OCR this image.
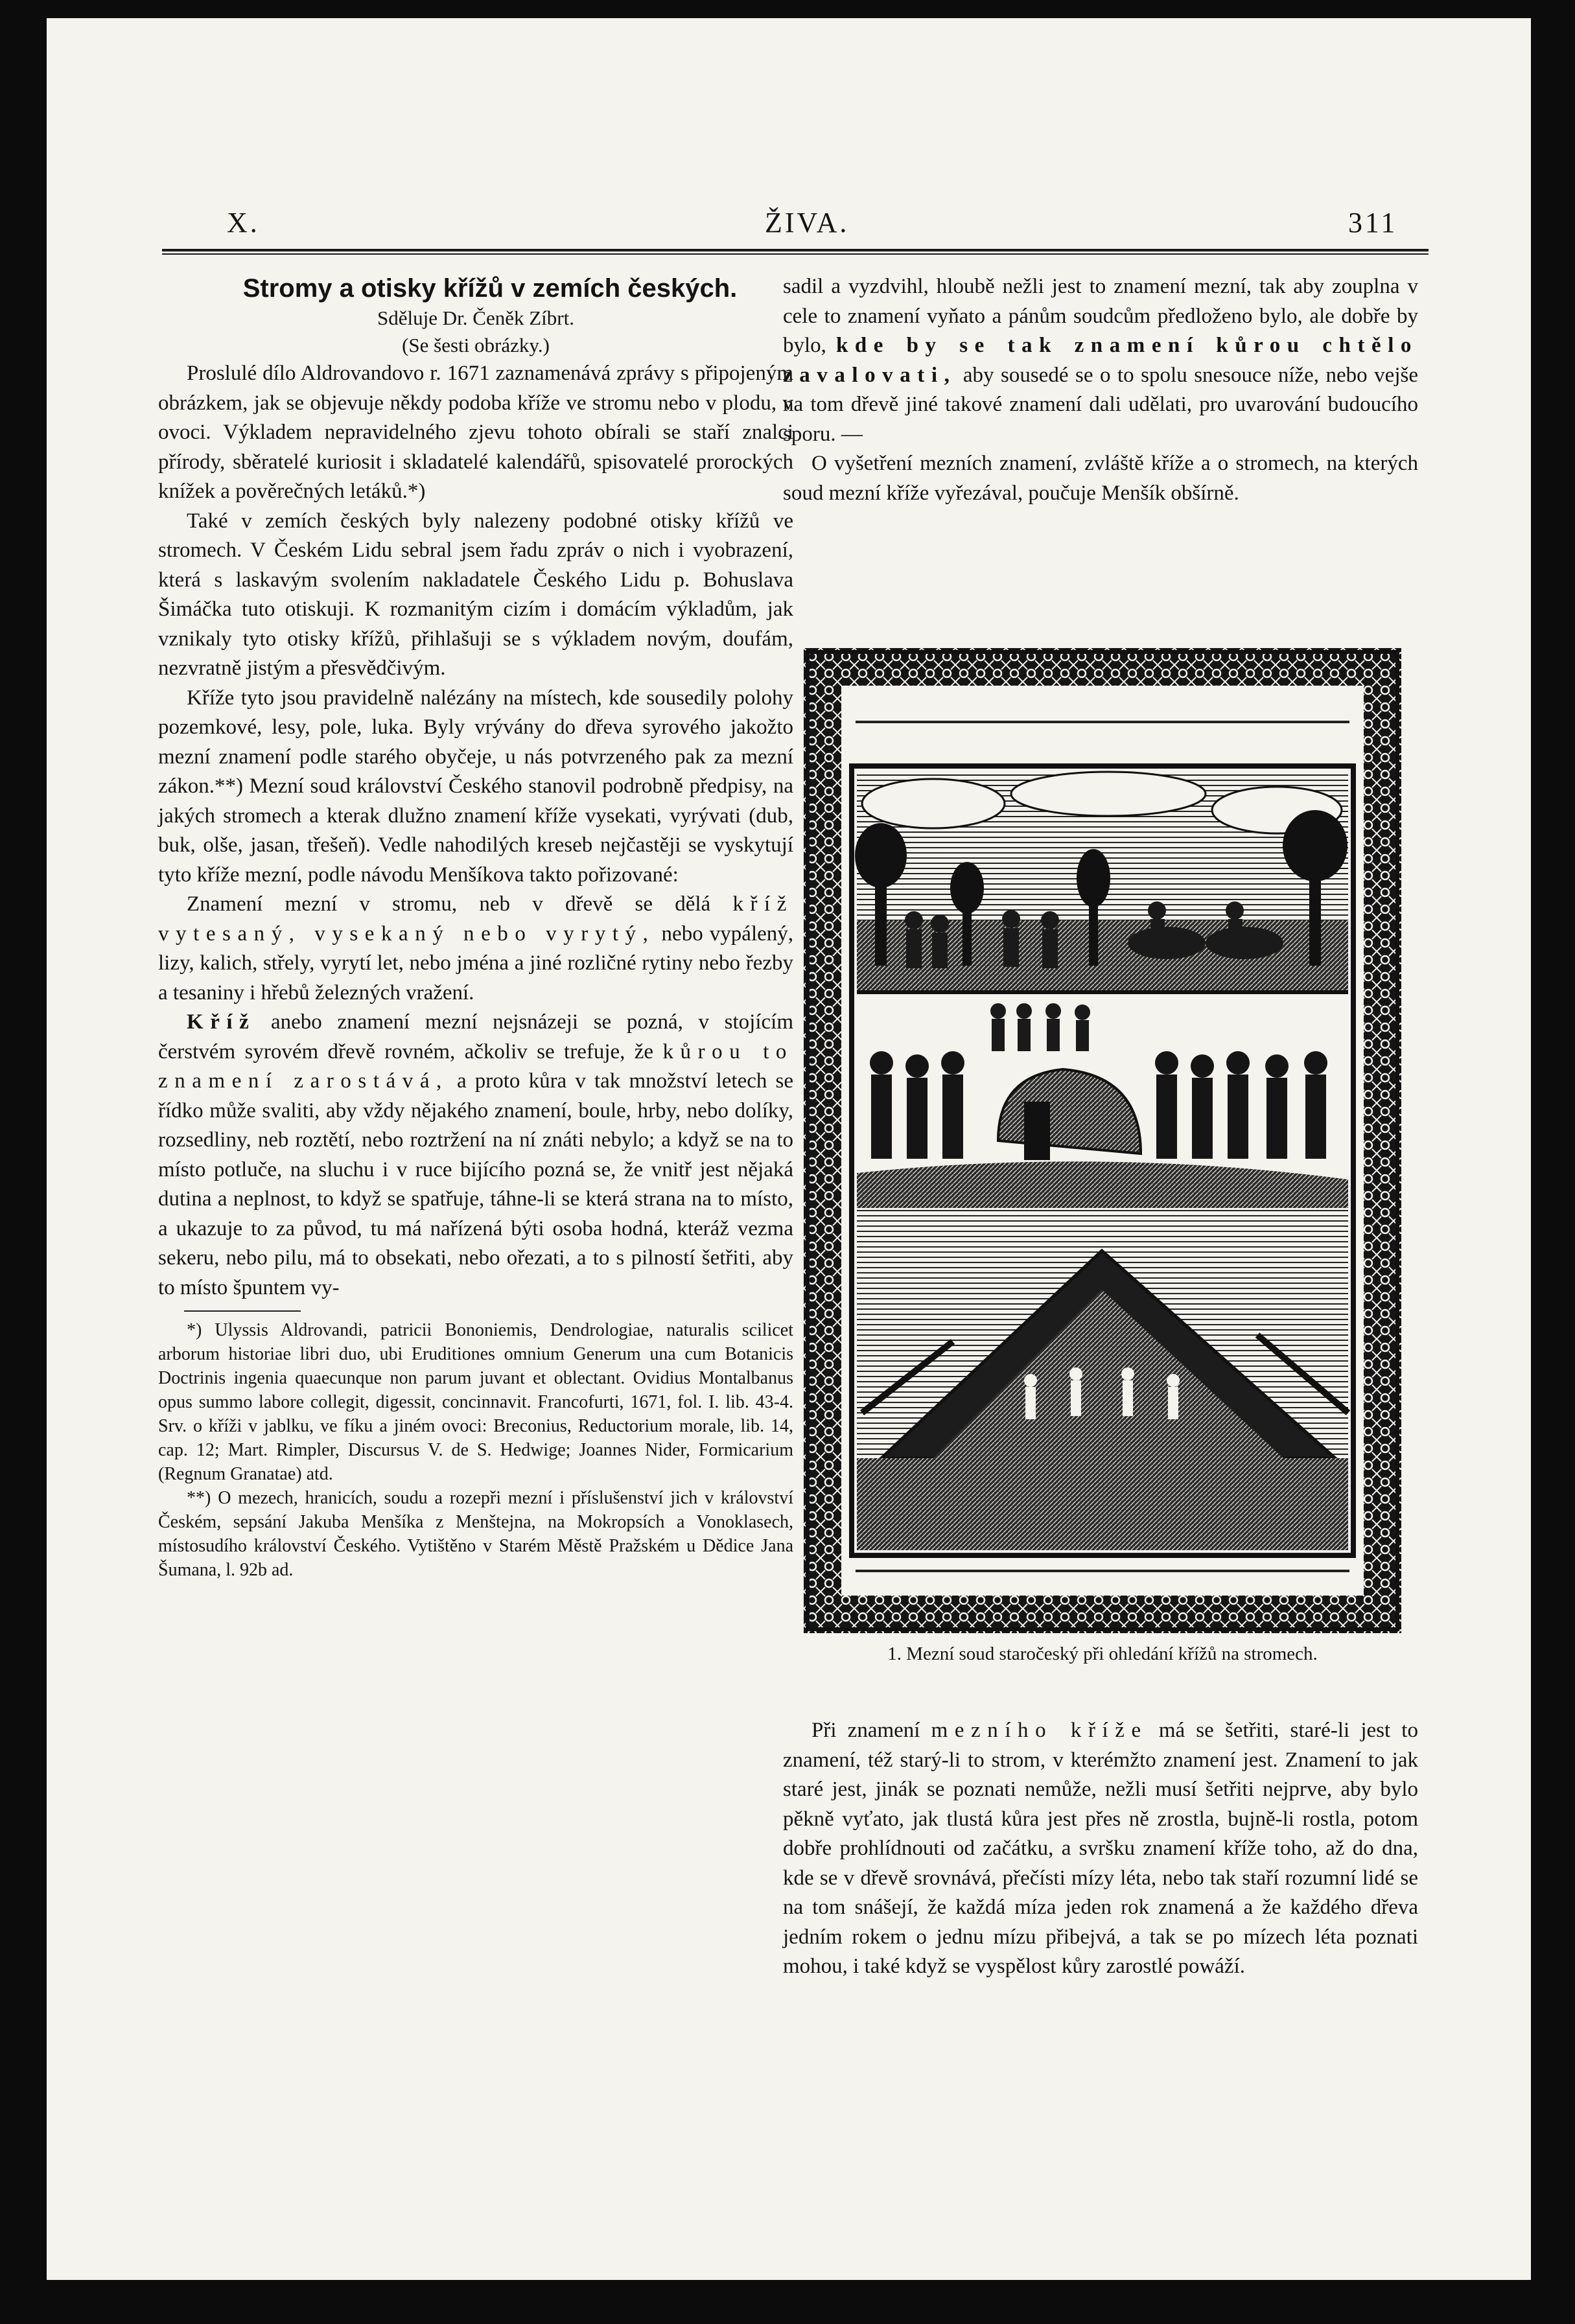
X.	ŽIVA.	311

Stromy a otisky křížů v zemích českých.

Sděluje Dr. Čeněk Zíbrt.

(Se šesti obrázky.)

Proslulé dílo Aldrovandovo r. 1671 zaznamenává zprávy s připojeným obrázkem, jak se objevuje někdy podoba kříže ve stromu nebo v plodu, v ovoci. Výkladem nepravidelného zjevu tohoto obírali se staří znalci přírody, sběratelé kuriosit i skladatelé kalendářů, spisovatelé prorockých knížek a pověrečných letáků.*)

Také v zemích českých byly nalezeny podobné otisky křížů ve stromech. V Českém Lidu sebral jsem řadu zpráv o nich i vyobrazení, která s laskavým svolením nakladatele Českého Lidu p. Bohuslava Šimáčka tuto otiskuji. K rozmanitým cizím i domácím výkladům, jak vznikaly tyto otisky křížů, přihlašuji se s výkladem novým, doufám, nezvratně jistým a přesvědčivým.

Kříže tyto jsou pravidelně nalézány na místech, kde sousedily polohy pozemkové, lesy, pole, luka. Byly vrývány do dřeva syrového jakožto mezní znamení podle starého obyčeje, u nás potvrzeného pak za mezní zákon.**) Mezní soud království Českého stanovil podrobně předpisy, na jakých stromech a kterak dlužno znamení kříže vysekati, vyrývati (dub, buk, olše, jasan, třešeň). Vedle nahodilých kreseb nejčastěji se vyskytují tyto kříže mezní, podle návodu Menšíkova takto pořizované:

Znamení mezní v stromu, neb v dřevě se dělá kříž vytesaný, vysekaný nebo vyrytý, nebo vypálený, lizy, kalich, střely, vyrytí let, nebo jména a jiné rozličné rytiny nebo řezby a tesaniny i hřebů železných vražení.

Kříž anebo znamení mezní nejsnázeji se pozná, v stojícím čerstvém syrovém dřevě rovném, ačkoliv se trefuje, že kůrou to znamení zarostává, a proto kůra v tak množství letech se řídko může svaliti, aby vždy nějakého znamení, boule, hrby, nebo dolíky, rozsedliny, neb roztětí, nebo roztržení na ní znáti nebylo; a když se na to místo potluče, na sluchu i v ruce bijícího pozná se, že vnitř jest nějaká dutina a neplnost, to když se spatřuje, táhne-li se která strana na to místo, a ukazuje to za původ, tu má nařízená býti osoba hodná, kteráž vezma sekeru, nebo pilu, má to obsekati, nebo ořezati, a to s pilností šetřiti, aby to místo špuntem vy-

*) Ulyssis Aldrovandi, patricii Bononiemis, Dendrologiae, naturalis scilicet arborum historiae libri duo, ubi Eruditiones omnium Generum una cum Botanicis Doctrinis ingenia quaecunque non parum juvant et oblectant. Ovidius Montalbanus opus summo labore collegit, digessit, concinnavit. Francofurti, 1671, fol. I. lib. 43-4. Srv. o kříži v jablku, ve fíku a jiném ovoci: Breconius, Reductorium morale, lib. 14, cap. 12; Mart. Rimpler, Discursus V. de S. Hedwige; Joannes Nider, Formicarium (Regnum Granatae) atd.

**) O mezech, hranicích, soudu a rozepři mezní i příslušenství jich v království Českém, sepsání Jakuba Menšíka z Menštejna, na Mokropsích a Vonoklasech, místosudího království Českého. Vytištěno v Starém Městě Pražském u Dědice Jana Šumana, l. 92b ad.

sadil a vyzdvihl, hloubě nežli jest to znamení mezní, tak aby zouplna v cele to znamení vyňato a pánům soudcům předloženo bylo, ale dobře by bylo, kde by se tak znamení kůrou chtělo zavalovati, aby sousedé se o to spolu snesouce níže, nebo vejše na tom dřevě jiné takové znamení dali udělati, pro uvarování budoucího sporu. —

O vyšetření mezních znamení, zvláště kříže a o stromech, na kterých soud mezní kříže vyřezával, poučuje Menšík obšírně.

1. Mezní soud staročeský při ohledání křížů na stromech.

Při znamení mezního kříže má se šetřiti, staré-li jest to znamení, též starý-li to strom, v kterémžto znamení jest. Znamení to jak staré jest, jinák se poznati nemůže, nežli musí šetřiti nejprve, aby bylo pěkně vyťato, jak tlustá kůra jest přes ně zrostla, bujně-li rostla, potom dobře prohlídnouti od začátku, a svršku znamení kříže toho, až do dna, kde se v dřevě srovnává, přečísti mízy léta, nebo tak staří rozumní lidé se na tom snášejí, že každá míza jeden rok znamená a že každého dřeva jedním rokem o jednu mízu přibejvá, a tak se po mízech léta poznati mohou, i také když se vyspělost kůry zarostlé powáží.
